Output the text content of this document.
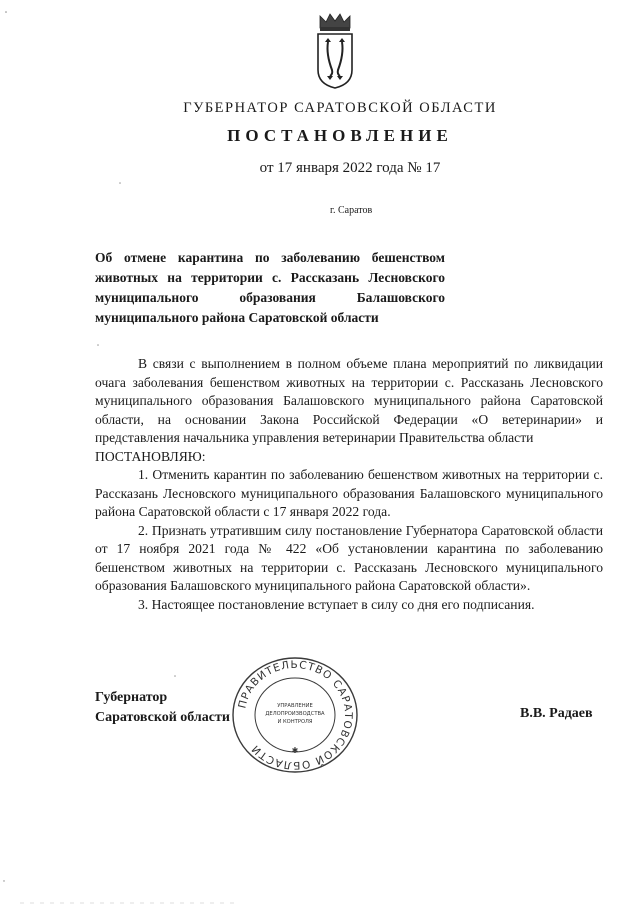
ГУБЕРНАТОР САРАТОВСКОЙ ОБЛАСТИ
ПОСТАНОВЛЕНИЕ
от 17 января 2022 года № 17
г. Саратов
Об отмене карантина по заболеванию бешенством животных на территории с. Рассказань Лесновского муниципального образования Балашовского муниципального района Саратовской области

В связи с выполнением в полном объеме плана мероприятий по ликвидации очага заболевания бешенством животных на территории с. Рассказань Лесновского муниципального образования Балашовского муниципального района Саратовской области, на основании Закона Российской Федерации «О ветеринарии» и представления начальника управления ветеринарии Правительства области

ПОСТАНОВЛЯЮ:

1. Отменить карантин по заболеванию бешенством животных на территории с. Рассказань Лесновского муниципального образования Балашовского муниципального района Саратовской области с 17 января 2022 года.

2. Признать утратившим силу постановление Губернатора Саратовской области от 17 ноября 2021 года № 422 «Об установлении карантина по заболеванию бешенством животных на территории с. Рассказань Лесновского муниципального образования Балашовского муниципального района Саратовской области».

3. Настоящее постановление вступает в силу со дня его подписания.

Губернатор
Саратовской области	В.В. Радаев
ПРАВИТЕЛЬСТВО САРАТОВСКОЙ ОБЛАСТИ
УПРАВЛЕНИЕ
ДЕЛОПРОИЗВОДСТВА
И КОНТРОЛЯ
✱
